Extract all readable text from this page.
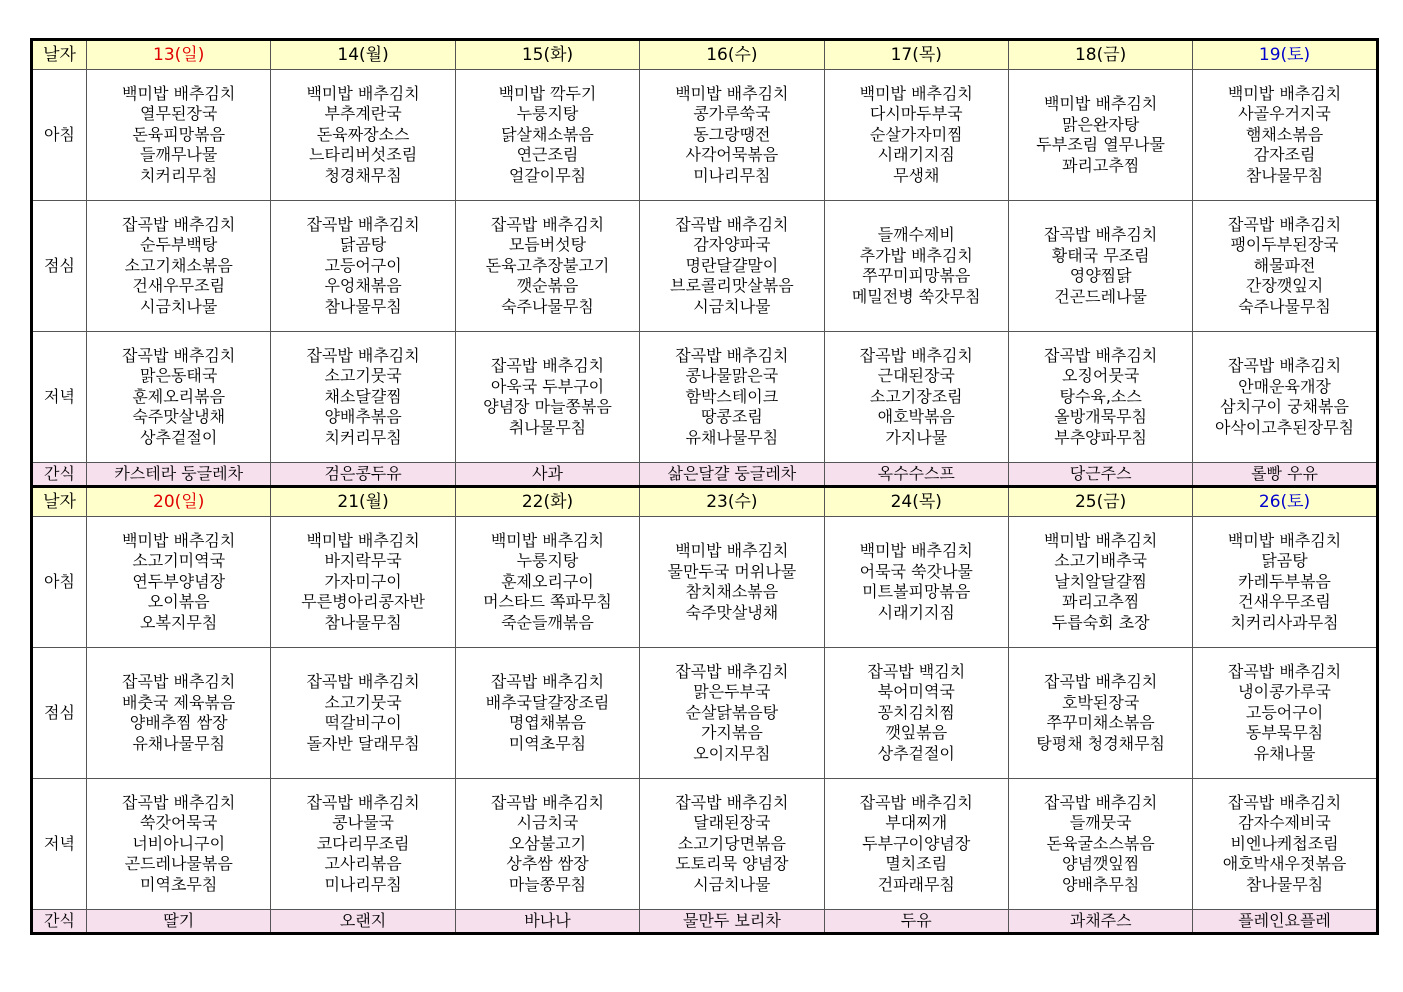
날자	13(일)	14(월)	15(화)	16(수)	17(목)	18(금)	19(토)
아침	백미밥 배추김치
열무된장국
돈육피망볶음
들깨무나물
치커리무침	백미밥 배추김치
부추계란국
돈육짜장소스
느타리버섯조림
청경채무침	백미밥 깍두기
누룽지탕
닭살채소볶음
연근조림
얼갈이무침	백미밥 배추김치
콩가루쑥국
동그랑땡전
사각어묵볶음
미나리무침	백미밥 배추김치
다시마두부국
순살가자미찜
시래기지짐
무생채	백미밥 배추김치
맑은완자탕
두부조림 열무나물
꽈리고추찜	백미밥 배추김치
사골우거지국
햄채소볶음
감자조림
참나물무침

점심	잡곡밥 배추김치
순두부백탕
소고기채소볶음
건새우무조림
시금치나물	잡곡밥 배추김치
닭곰탕
고등어구이
우엉채볶음
참나물무침	잡곡밥 배추김치
모듬버섯탕
돈육고추장불고기
깻순볶음
숙주나물무침	잡곡밥 배추김치
감자양파국
명란달걀말이
브로콜리맛살볶음
시금치나물	들깨수제비
추가밥 배추김치
쭈꾸미피망볶음
메밀전병 쑥갓무침	잡곡밥 배추김치
황태국 무조림
영양찜닭
건곤드레나물	잡곡밥 배추김치
팽이두부된장국
해물파전
간장깻잎지
숙주나물무침

저녁	잡곡밥 배추김치
맑은동태국
훈제오리볶음
숙주맛살냉채
상추겉절이	잡곡밥 배추김치
소고기뭇국
채소달걀찜
양배추볶음
치커리무침	잡곡밥 배추김치
아욱국 두부구이
양념장 마늘쫑볶음
취나물무침	잡곡밥 배추김치
콩나물맑은국
함박스테이크
땅콩조림
유채나물무침	잡곡밥 배추김치
근대된장국
소고기장조림
애호박볶음
가지나물	잡곡밥 배추김치
오징어뭇국
탕수육,소스
올방개묵무침
부추양파무침	잡곡밥 배추김치
안매운육개장
삼치구이 궁채볶음
아삭이고추된장무침

간식	카스테라 둥글레차	검은콩두유	사과	삶은달걀 둥글레차	옥수수스프	당근주스	롤빵 우유
날자	20(일)	21(월)	22(화)	23(수)	24(목)	25(금)	26(토)
아침	백미밥 배추김치
소고기미역국
연두부양념장
오이볶음
오복지무침	백미밥 배추김치
바지락무국
가자미구이
무른병아리콩자반
참나물무침	백미밥 배추김치
누룽지탕
훈제오리구이
머스타드 쪽파무침
죽순들깨볶음	백미밥 배추김치
물만두국 머위나물
참치채소볶음
숙주맛살냉채	백미밥 배추김치
어묵국 쑥갓나물
미트볼피망볶음
시래기지짐	백미밥 배추김치
소고기배추국
날치알달걀찜
꽈리고추찜
두릅숙회 초장	백미밥 배추김치
닭곰탕
카레두부볶음
건새우무조림
치커리사과무침

점심	잡곡밥 배추김치
배춧국 제육볶음
양배추찜 쌈장
유채나물무침	잡곡밥 배추김치
소고기뭇국
떡갈비구이
돌자반 달래무침	잡곡밥 배추김치
배추국달걀장조림
명엽채볶음
미역초무침	잡곡밥 배추김치
맑은두부국
순살닭볶음탕
가지볶음
오이지무침	잡곡밥 백김치
북어미역국
꽁치김치찜
깻잎볶음
상추겉절이	잡곡밥 배추김치
호박된장국
쭈꾸미채소볶음
탕평채 청경채무침	잡곡밥 배추김치
냉이콩가루국
고등어구이
동부묵무침
유채나물

저녁	잡곡밥 배추김치
쑥갓어묵국
너비아니구이
곤드레나물볶음
미역초무침	잡곡밥 배추김치
콩나물국
코다리무조림
고사리볶음
미나리무침	잡곡밥 배추김치
시금치국
오삼불고기
상추쌈 쌈장
마늘쫑무침	잡곡밥 배추김치
달래된장국
소고기당면볶음
도토리묵 양념장
시금치나물	잡곡밥 배추김치
부대찌개
두부구이양념장
멸치조림
건파래무침	잡곡밥 배추김치
들깨뭇국
돈육굴소스볶음
양념깻잎찜
양배추무침	잡곡밥 배추김치
감자수제비국
비엔나케첩조림
애호박새우젓볶음
참나물무침

간식	딸기	오랜지	바나나	물만두 보리차	두유	과채주스	플레인요플레
